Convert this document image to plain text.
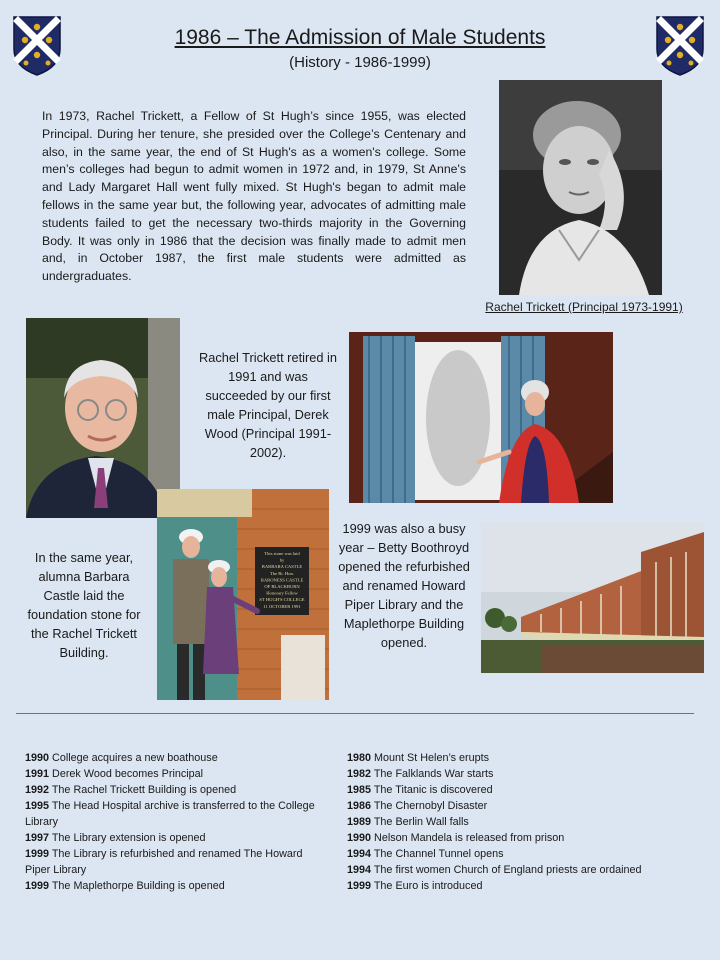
1986 – The Admission of Male Students
(History - 1986-1999)
In 1973, Rachel Trickett, a Fellow of St Hugh’s since 1955, was elected Principal. During her tenure, she presided over the College’s Centenary and also, in the same year, the end of St Hugh's as a women's college. Some men’s colleges had begun to admit women in 1972 and, in 1979, St Anne's and Lady Margaret Hall went fully mixed. St Hugh's began to admit male fellows in the same year but, the following year, advocates of admitting male students failed to get the necessary two-thirds majority in the Governing Body. It was only in 1986 that the decision was finally made to admit men and, in October 1987, the first male students were admitted as undergraduates.
Rachel Trickett (Principal 1973-1991)
Rachel Trickett retired in 1991 and was succeeded by our first male Principal, Derek Wood (Principal 1991-2002).
In the same year, alumna Barbara Castle laid the foundation stone for the Rachel Trickett Building.
This stone was laid
by
BARBARA CASTLE
The Rt. Hon.
BARONESS CASTLE
OF BLACKBURN
Honorary Fellow
ST HUGH'S COLLEGE
11 OCTOBER 1991
1999 was also a busy year – Betty Boothroyd opened the refurbished and renamed Howard Piper Library and the Maplethorpe Building opened.
1990 College acquires a new boathouse
1991 Derek Wood becomes Principal
1992 The Rachel Trickett Building is opened
1995 The Head Hospital archive is transferred to the College Library
1997 The Library extension is opened
1999 The Library is refurbished and renamed The Howard Piper Library
1999 The Maplethorpe Building is opened
1980 Mount St Helen’s erupts
1982 The Falklands War starts
1985 The Titanic is discovered
1986 The Chernobyl Disaster
1989 The Berlin Wall falls
1990 Nelson Mandela is released from prison
1994 The Channel Tunnel opens
1994 The first women Church of England priests are ordained
1999 The Euro is introduced
